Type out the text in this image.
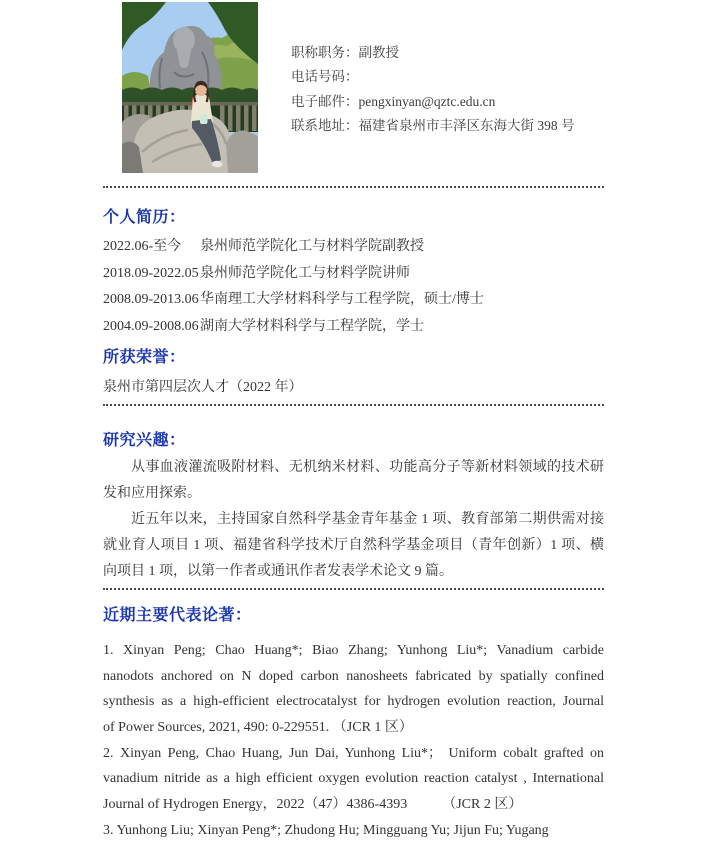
职称职务：副教授
电话号码：
电子邮件：pengxinyan@qztc.edu.cn
联系地址：福建省泉州市丰泽区东海大街 398 号
个人简历：
2022.06-至今	泉州师范学院化工与材料学院副教授
2018.09-2022.05 泉州师范学院化工与材料学院讲师
2008.09-2013.06 华南理工大学材料科学与工程学院，硕士/博士
2004.09-2008.06 湖南大学材料科学与工程学院，学士
所获荣誉：
泉州市第四层次人才（2022 年）
研究兴趣：
从事血液灌流吸附材料、无机纳米材料、功能高分子等新材料领域的技术研
发和应用探索。
近五年以来，主持国家自然科学基金青年基金 1 项、教育部第二期供需对接
就业育人项目 1 项、福建省科学技术厅自然科学基金项目（青年创新）1 项、横
向项目 1 项，以第一作者或通讯作者发表学术论文 9 篇。
近期主要代表论著：
1. Xinyan Peng; Chao Huang*; Biao Zhang; Yunhong Liu*; Vanadium carbide
nanodots anchored on N doped carbon nanosheets fabricated by spatially confined
synthesis as a high-efficient electrocatalyst for hydrogen evolution reaction, Journal
of Power Sources, 2021, 490: 0-229551. （JCR 1 区）
2. Xinyan Peng, Chao Huang, Jun Dai, Yunhong Liu*； Uniform cobalt grafted on
vanadium nitride as a high efficient oxygen evolution reaction catalyst , International
Journal of Hydrogen Energy，2022（47）4386-4393　　　（JCR 2 区）
3. Yunhong Liu; Xinyan Peng*; Zhudong Hu; Mingguang Yu; Jijun Fu; Yugang
